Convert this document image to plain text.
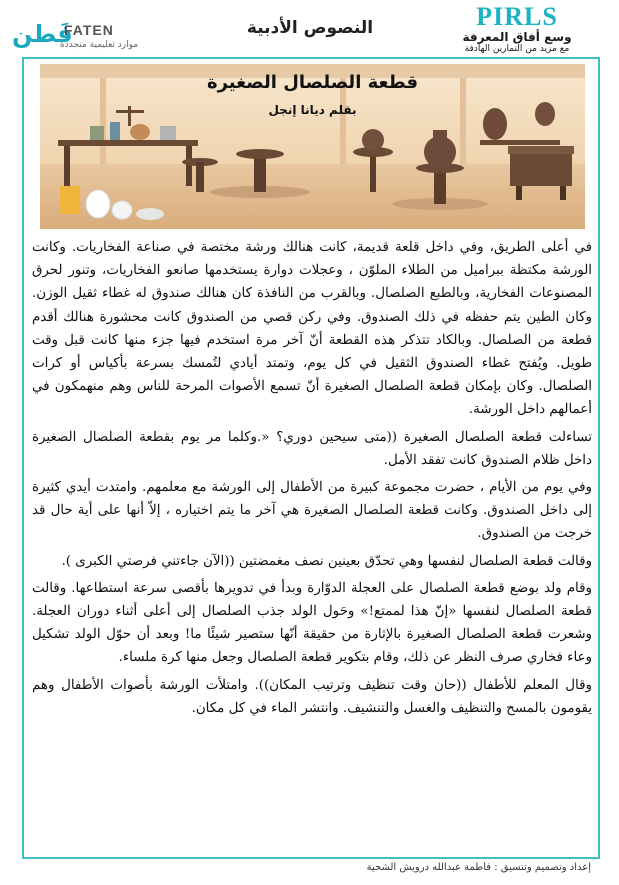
PIRLS
وسع أفاق المعرفة
مع مزيد من التمارين الهادفة
النصوص الأدبية
فَطن
FATEN
موارد تعليمية متجددة
قطعة الصلصال الصغيرة
بقلم ديانا إنجل

في أعلى الطريق، وفي داخل قلعة قديمة، كانت هنالك ورشة مختصة في صناعة الفخاريات. وكانت الورشة مكتظة ببراميل من الطلاء الملوّن ، وعجلات دوارة يستخدمها صانعو الفخاريات، وتنور لحرق المصنوعات الفخارية، وبالطبع الصلصال. وبالقرب من النافذة كان هنالك صندوق له غطاء ثقيل الوزن. وكان الطين يتم حفظه في ذلك الصندوق. وفي ركن قصي من الصندوق كانت محشورة هنالك أقدم قطعة من الصلصال. وبالكاد تتذكر هذه القطعة أنّ آخر مرة استخدم فيها جزء منها كانت قبل وقت طويل. ويُفتح غطاء الصندوق الثقيل في كل يوم، وتمتد أيادي لتُمسك بسرعة بأكياس أو كرات الصلصال. وكان بإمكان قطعة الصلصال الصغيرة أنّ تسمع الأصوات المرحة للناس وهم منهمكون في أعمالهم داخل الورشة.

تساءلت قطعة الصلصال الصغيرة ((متى سيحين دوري؟ «.وكلما مر يوم بقطعة الصلصال الصغيرة داخل ظلام الصندوق كانت تفقد الأمل.

وفي يوم من الأيام ، حضرت مجموعة كبيرة من الأطفال إلى الورشة مع معلمهم. وامتدت أيدي كثيرة إلى داخل الصندوق. وكانت قطعة الصلصال الصغيرة هي آخر ما يتم اختياره ، إلاّ أنها على أية حال قد خرجت من الصندوق.

وقالت قطعة الصلصال لنفسها وهي تحدّق بعينين نصف مغمضتين ((الآن جاءتني فرصتي الكبرى ).

وقام ولد بوضع قطعة الصلصال على العجلة الدوّارة وبدأ في تدويرها بأقصى سرعة استطاعها. وقالت قطعة الصلصال لنفسها «إنّ هذا لممتع!» وحَول الولد جذب الصلصال إلى أعلى أثناء دوران العجلة. وشعرت قطعة الصلصال الصغيرة بالإثارة من حقيقة أنّها ستصير شيئًا ما! وبعد أن حوّل الولد تشكيل وعاء فخاري صرف النظر عن ذلك، وقام بتكوير قطعة الصلصال وجعل منها كرة ملساء.

وقال المعلم للأطفال ((حان وقت تنظيف وترتيب المكان)). وامتلأت الورشة بأصوات الأطفال وهم يقومون بالمسح والتنظيف والغسل والتنشيف. وانتشر الماء في كل مكان.

إعداد وتصميم وتنسيق : فاطمة عبدالله درويش الشحية
